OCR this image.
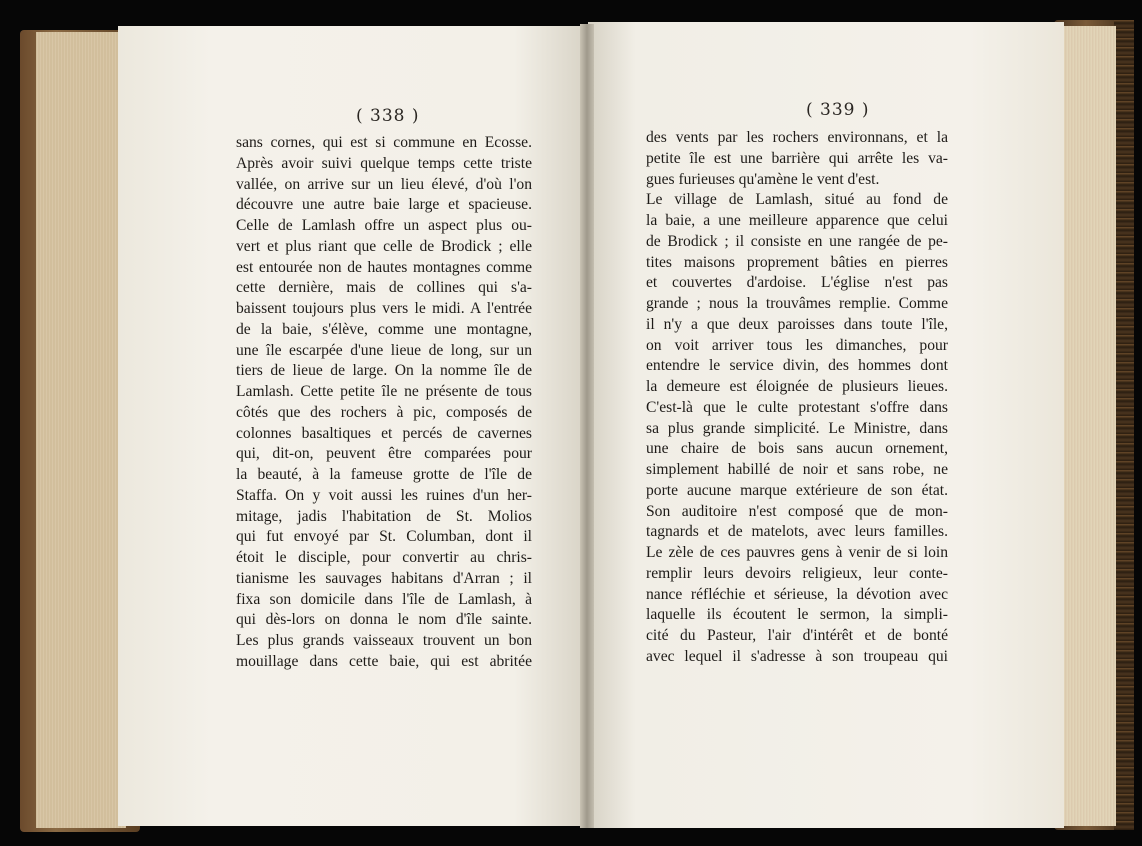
( 338 )	( 339 )
sans cornes, qui est si commune en Ecosse.
Après avoir suivi quelque temps cette triste
vallée, on arrive sur un lieu élevé, d'où l'on
découvre une autre baie large et spacieuse.
Celle de Lamlash offre un aspect plus ou-
vert et plus riant que celle de Brodick ; elle
est entourée non de hautes montagnes comme
cette dernière, mais de collines qui s'a-
baissent toujours plus vers le midi. A l'entrée
de la baie, s'élève, comme une montagne,
une île escarpée d'une lieue de long, sur un
tiers de lieue de large. On la nomme île de
Lamlash. Cette petite île ne présente de tous
côtés que des rochers à pic, composés de
colonnes basaltiques et percés de cavernes
qui, dit-on, peuvent être comparées pour
la beauté, à la fameuse grotte de l'île de
Staffa. On y voit aussi les ruines d'un her-
mitage, jadis l'habitation de St. Molios
qui fut envoyé par St. Columban, dont il
étoit le disciple, pour convertir au chris-
tianisme les sauvages habitans d'Arran ; il
fixa son domicile dans l'île de Lamlash, à
qui dès-lors on donna le nom d'île sainte.
Les plus grands vaisseaux trouvent un bon
mouillage dans cette baie, qui est abritée
des vents par les rochers environnans, et la
petite île est une barrière qui arrête les va-
gues furieuses qu'amène le vent d'est.
Le village de Lamlash, situé au fond de
la baie, a une meilleure apparence que celui
de Brodick ; il consiste en une rangée de pe-
tites maisons proprement bâties en pierres
et couvertes d'ardoise. L'église n'est pas
grande ; nous la trouvâmes remplie. Comme
il n'y a que deux paroisses dans toute l'île,
on voit arriver tous les dimanches, pour
entendre le service divin, des hommes dont
la demeure est éloignée de plusieurs lieues.
C'est-là que le culte protestant s'offre dans
sa plus grande simplicité. Le Ministre, dans
une chaire de bois sans aucun ornement,
simplement habillé de noir et sans robe, ne
porte aucune marque extérieure de son état.
Son auditoire n'est composé que de mon-
tagnards et de matelots, avec leurs familles.
Le zèle de ces pauvres gens à venir de si loin
remplir leurs devoirs religieux, leur conte-
nance réfléchie et sérieuse, la dévotion avec
laquelle ils écoutent le sermon, la simpli-
cité du Pasteur, l'air d'intérêt et de bonté
avec lequel il s'adresse à son troupeau qui
